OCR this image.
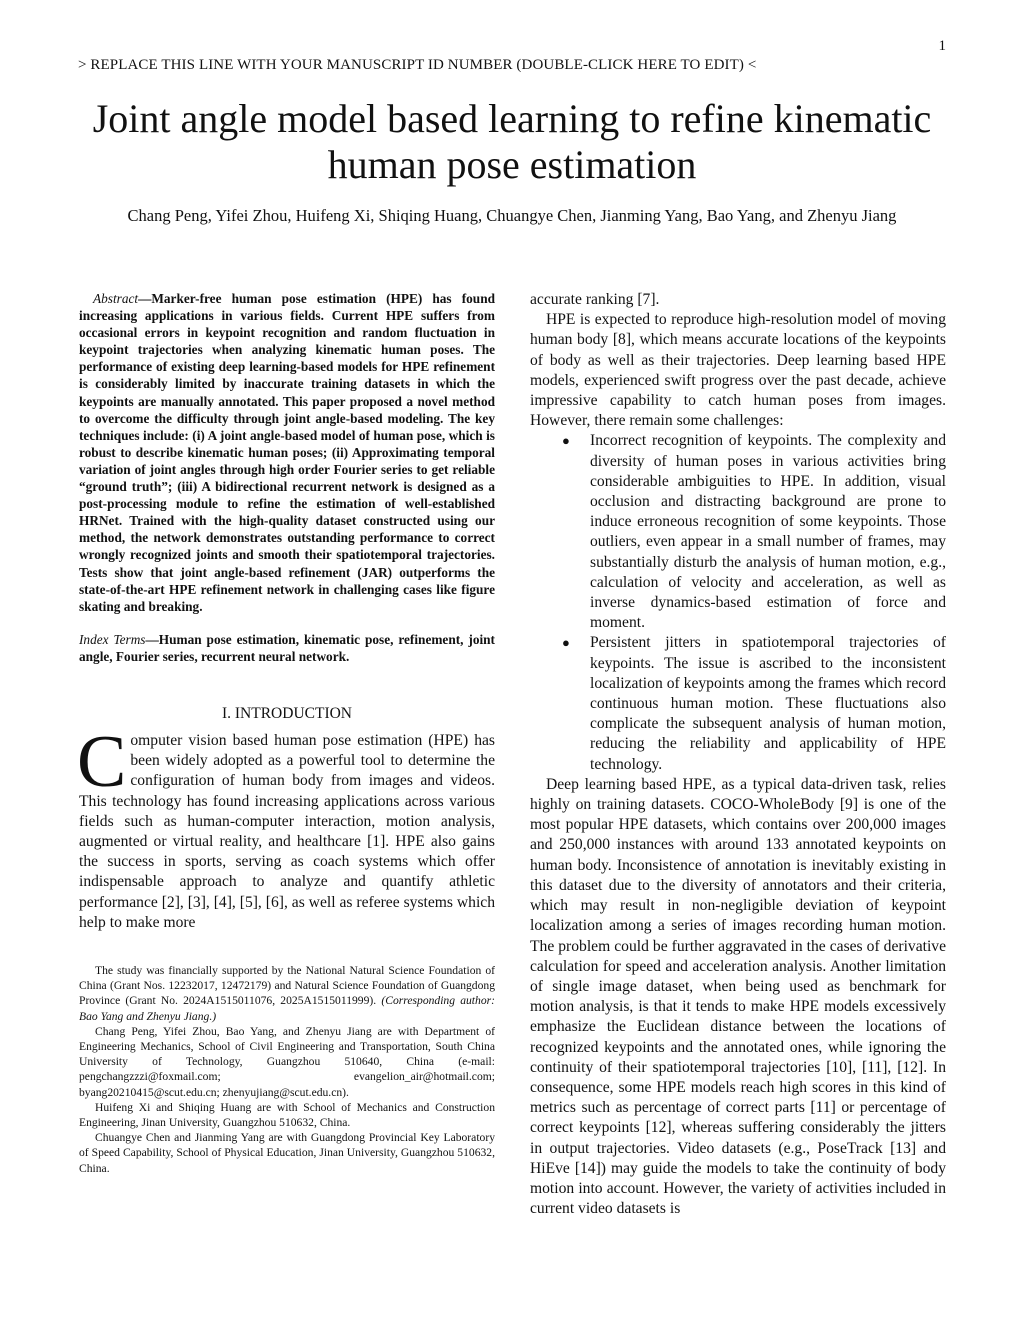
1
> REPLACE THIS LINE WITH YOUR MANUSCRIPT ID NUMBER (DOUBLE-CLICK HERE TO EDIT) <
Joint angle model based learning to refine kinematic human pose estimation
Chang Peng, Yifei Zhou, Huifeng Xi, Shiqing Huang, Chuangye Chen, Jianming Yang, Bao Yang, and Zhenyu Jiang

Abstract—Marker-free human pose estimation (HPE) has found increasing applications in various fields. Current HPE suffers from occasional errors in keypoint recognition and random fluctuation in keypoint trajectories when analyzing kinematic human poses. The performance of existing deep learning-based models for HPE refinement is considerably limited by inaccurate training datasets in which the keypoints are manually annotated. This paper proposed a novel method to overcome the difficulty through joint angle-based modeling. The key techniques include: (i) A joint angle-based model of human pose, which is robust to describe kinematic human poses; (ii) Approximating temporal variation of joint angles through high order Fourier series to get reliable “ground truth”; (iii) A bidirectional recurrent network is designed as a post-processing module to refine the estimation of well-established HRNet. Trained with the high-quality dataset constructed using our method, the network demonstrates outstanding performance to correct wrongly recognized joints and smooth their spatiotemporal trajectories. Tests show that joint angle-based refinement (JAR) outperforms the state-of-the-art HPE refinement network in challenging cases like figure skating and breaking.

Index Terms—Human pose estimation, kinematic pose, refinement, joint angle, Fourier series, recurrent neural network.

I. INTRODUCTION

Computer vision based human pose estimation (HPE) has been widely adopted as a powerful tool to determine the configuration of human body from images and videos. This technology has found increasing applications across various fields such as human-computer interaction, motion analysis, augmented or virtual reality, and healthcare [1]. HPE also gains the success in sports, serving as coach systems which offer indispensable approach to analyze and quantify athletic performance [2], [3], [4], [5], [6], as well as referee systems which help to make more

The study was financially supported by the National Natural Science Foundation of China (Grant Nos. 12232017, 12472179) and Natural Science Foundation of Guangdong Province (Grant No. 2024A1515011076, 2025A1515011999). (Corresponding author: Bao Yang and Zhenyu Jiang.)

Chang Peng, Yifei Zhou, Bao Yang, and Zhenyu Jiang are with Department of Engineering Mechanics, School of Civil Engineering and Transportation, South China University of Technology, Guangzhou 510640, China (e-mail: pengchangzzzi@foxmail.com; evangelion_air@hotmail.com; byang20210415@scut.edu.cn; zhenyujiang@scut.edu.cn).

Huifeng Xi and Shiqing Huang are with School of Mechanics and Construction Engineering, Jinan University, Guangzhou 510632, China.

Chuangye Chen and Jianming Yang are with Guangdong Provincial Key Laboratory of Speed Capability, School of Physical Education, Jinan University, Guangzhou 510632, China.

accurate ranking [7].

HPE is expected to reproduce high-resolution model of moving human body [8], which means accurate locations of the keypoints of body as well as their trajectories. Deep learning based HPE models, experienced swift progress over the past decade, achieve impressive capability to catch human poses from images. However, there remain some challenges:

● Incorrect recognition of keypoints. The complexity and diversity of human poses in various activities bring considerable ambiguities to HPE. In addition, visual occlusion and distracting background are prone to induce erroneous recognition of some keypoints. Those outliers, even appear in a small number of frames, may substantially disturb the analysis of human motion, e.g., calculation of velocity and acceleration, as well as inverse dynamics-based estimation of force and moment.
● Persistent jitters in spatiotemporal trajectories of keypoints. The issue is ascribed to the inconsistent localization of keypoints among the frames which record continuous human motion. These fluctuations also complicate the subsequent analysis of human motion, reducing the reliability and applicability of HPE technology.

Deep learning based HPE, as a typical data-driven task, relies highly on training datasets. COCO-WholeBody [9] is one of the most popular HPE datasets, which contains over 200,000 images and 250,000 instances with around 133 annotated keypoints on human body. Inconsistence of annotation is inevitably existing in this dataset due to the diversity of annotators and their criteria, which may result in non-negligible deviation of keypoint localization among a series of images recording human motion. The problem could be further aggravated in the cases of derivative calculation for speed and acceleration analysis. Another limitation of single image dataset, when being used as benchmark for motion analysis, is that it tends to make HPE models excessively emphasize the Euclidean distance between the locations of recognized keypoints and the annotated ones, while ignoring the continuity of their spatiotemporal trajectories [10], [11], [12]. In consequence, some HPE models reach high scores in this kind of metrics such as percentage of correct parts [11] or percentage of correct keypoints [12], whereas suffering considerably the jitters in output trajectories. Video datasets (e.g., PoseTrack [13] and HiEve [14]) may guide the models to take the continuity of body motion into account. However, the variety of activities included in current video datasets is
